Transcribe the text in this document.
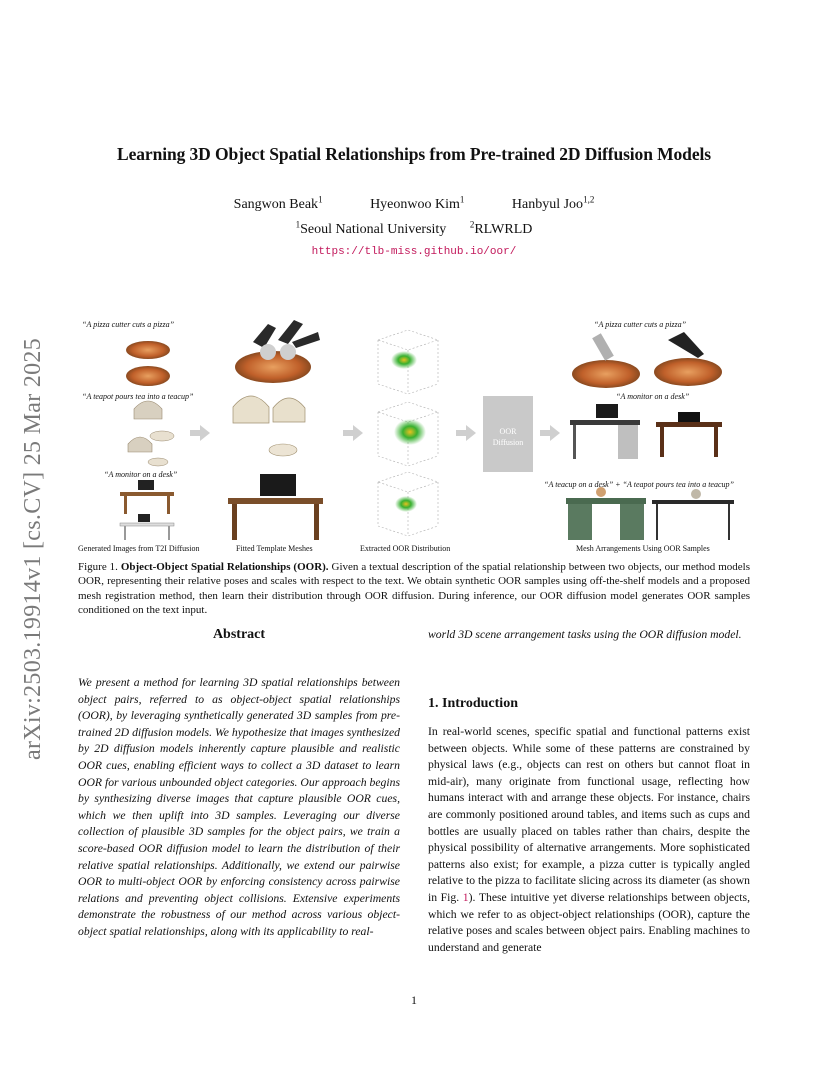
Learning 3D Object Spatial Relationships from Pre-trained 2D Diffusion Models
Sangwon Beak$^1$	Hyeonwoo Kim$^1$	Hanbyul Joo$^{1,2}$
$^1$Seoul National University	$^2$RLWRLD
https://tlb-miss.github.io/oor/
arXiv:2503.19914v1 [cs.CV] 25 Mar 2025
“A pizza cutter cuts a pizza”
“A teapot pours tea into a teacup”
“A monitor on a desk”
“A pizza cutter cuts a pizza”
“A monitor on a desk”
“A teacup on a desk” + “A teapot pours tea into a teacup”
OOR
Diffusion
Generated Images from T2I Diffusion	Fitted Template Meshes	Extracted OOR Distribution	Mesh Arrangements Using OOR Samples
Figure 1. Object-Object Spatial Relationships (OOR). Given a textual description of the spatial relationship between two objects, our method models OOR, representing their relative poses and scales with respect to the text. We obtain synthetic OOR samples using off-the-shelf models and a proposed mesh registration method, then learn their distribution through OOR diffusion. During inference, our OOR diffusion model generates OOR samples conditioned on the text input.
Abstract
We present a method for learning 3D spatial relationships between object pairs, referred to as object-object spatial relationships (OOR), by leveraging synthetically generated 3D samples from pre-trained 2D diffusion models. We hypothesize that images synthesized by 2D diffusion models inherently capture plausible and realistic OOR cues, enabling efficient ways to collect a 3D dataset to learn OOR for various unbounded object categories. Our approach begins by synthesizing diverse images that capture plausible OOR cues, which we then uplift into 3D samples. Leveraging our diverse collection of plausible 3D samples for the object pairs, we train a score-based OOR diffusion model to learn the distribution of their relative spatial relationships. Additionally, we extend our pairwise OOR to multi-object OOR by enforcing consistency across pairwise relations and preventing object collisions. Extensive experiments demonstrate the robustness of our method across various object-object spatial relationships, along with its applicability to real-
world 3D scene arrangement tasks using the OOR diffusion model.
1. Introduction
In real-world scenes, specific spatial and functional patterns exist between objects. While some of these patterns are constrained by physical laws (e.g., objects can rest on others but cannot float in mid-air), many originate from functional usage, reflecting how humans interact with and arrange these objects. For instance, chairs are commonly positioned around tables, and items such as cups and bottles are usually placed on tables rather than chairs, despite the physical possibility of alternative arrangements. More sophisticated patterns also exist; for example, a pizza cutter is typically angled relative to the pizza to facilitate slicing across its diameter (as shown in Fig. 1). These intuitive yet diverse relationships between objects, which we refer to as object-object relationships (OOR), capture the relative poses and scales between object pairs. Enabling machines to understand and generate
1
